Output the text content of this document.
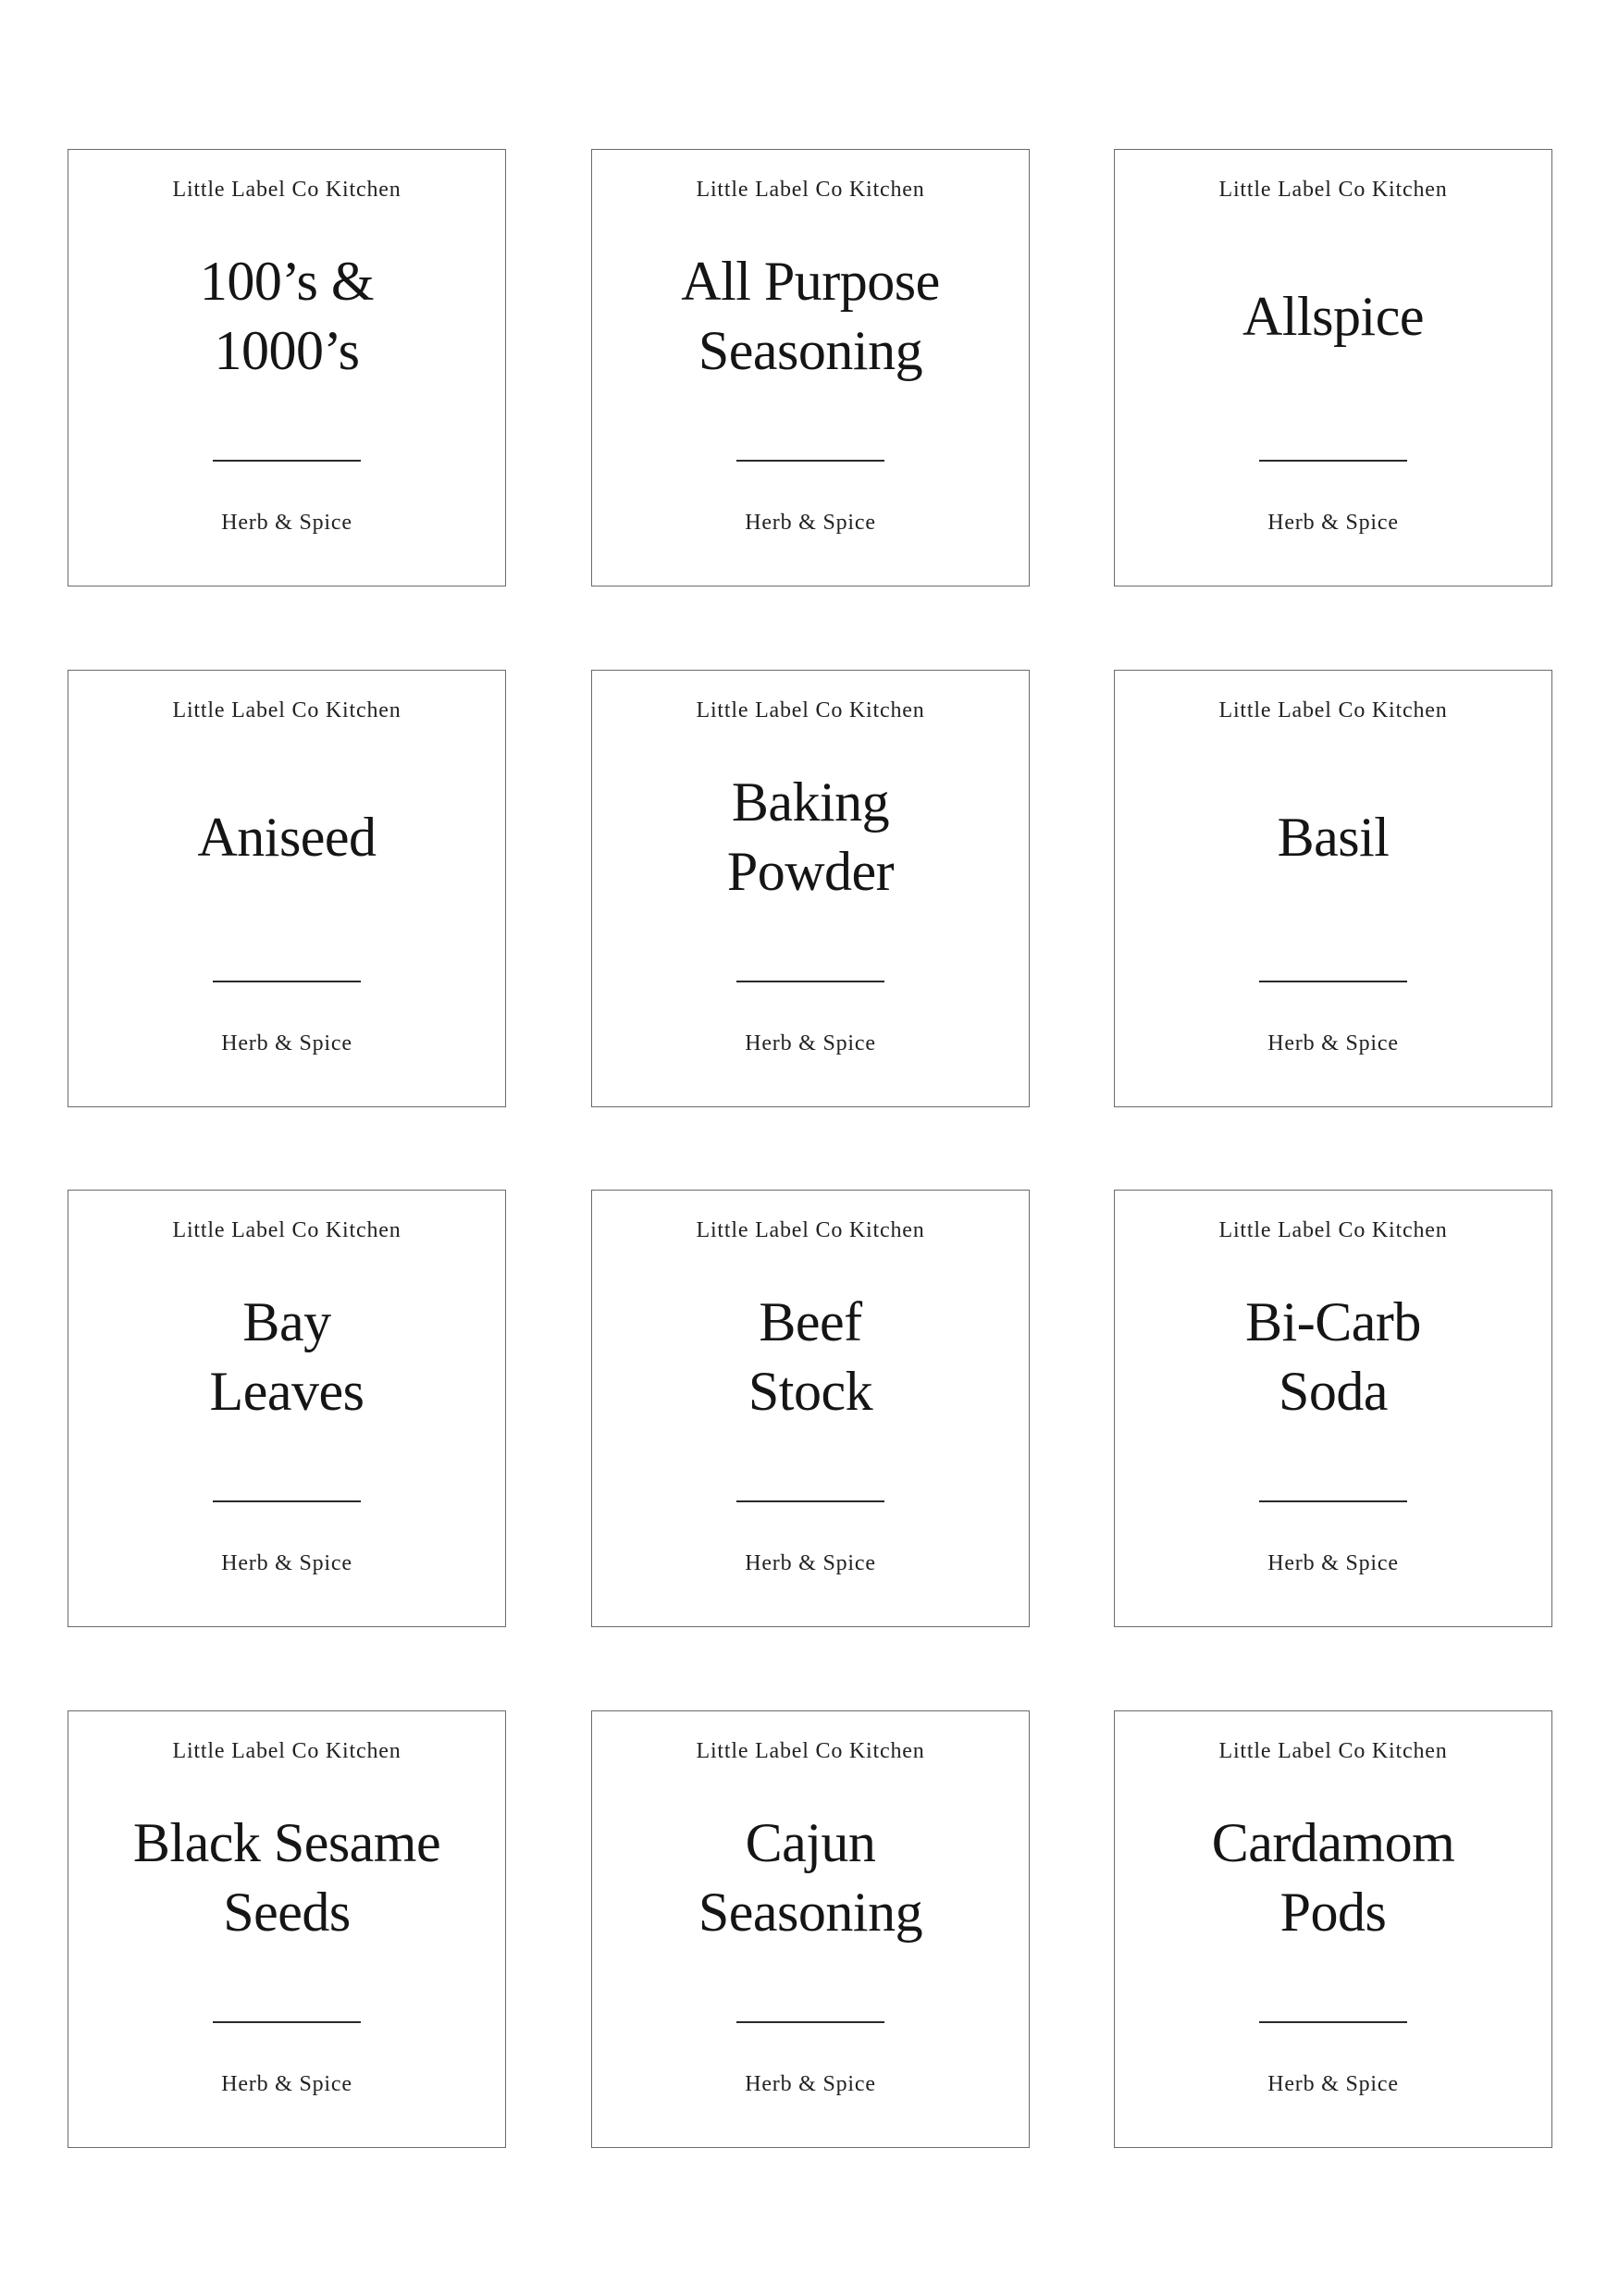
Little Label Co Kitchen
100’s &
1000’s
Herb & Spice
Little Label Co Kitchen
All Purpose
Seasoning
Herb & Spice
Little Label Co Kitchen
Allspice
Herb & Spice
Little Label Co Kitchen
Aniseed
Herb & Spice
Little Label Co Kitchen
Baking
Powder
Herb & Spice
Little Label Co Kitchen
Basil
Herb & Spice
Little Label Co Kitchen
Bay
Leaves
Herb & Spice
Little Label Co Kitchen
Beef
Stock
Herb & Spice
Little Label Co Kitchen
Bi-Carb
Soda
Herb & Spice
Little Label Co Kitchen
Black Sesame
Seeds
Herb & Spice
Little Label Co Kitchen
Cajun
Seasoning
Herb & Spice
Little Label Co Kitchen
Cardamom
Pods
Herb & Spice
